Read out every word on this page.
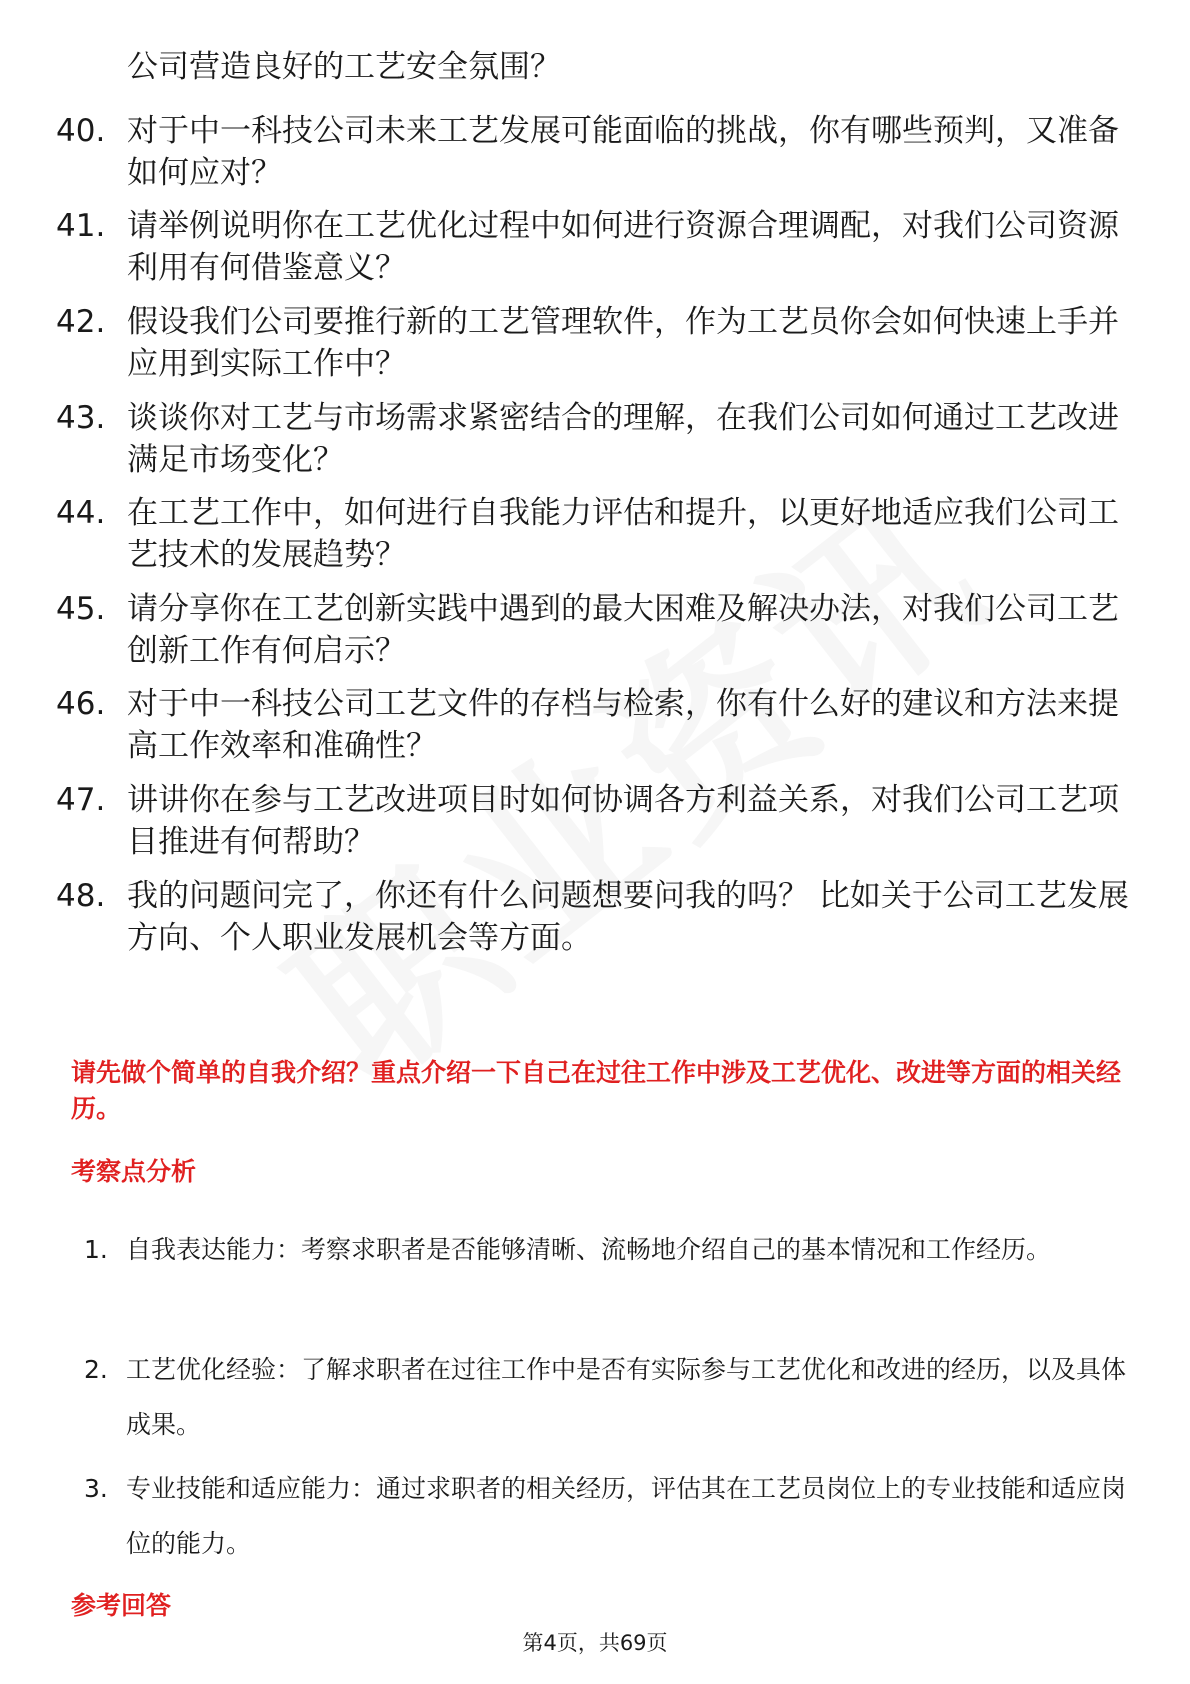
公司营造良好的工艺安全氛围？
40. 对于中一科技公司未来工艺发展可能面临的挑战，你有哪些预判，又准备如何应对？
41. 请举例说明你在工艺优化过程中如何进行资源合理调配，对我们公司资源利用有何借鉴意义？
42. 假设我们公司要推行新的工艺管理软件，作为工艺员你会如何快速上手并应用到实际工作中？
43. 谈谈你对工艺与市场需求紧密结合的理解，在我们公司如何通过工艺改进满足市场变化？
44. 在工艺工作中，如何进行自我能力评估和提升，以更好地适应我们公司工艺技术的发展趋势？
45. 请分享你在工艺创新实践中遇到的最大困难及解决办法，对我们公司工艺创新工作有何启示？
46. 对于中一科技公司工艺文件的存档与检索，你有什么好的建议和方法来提高工作效率和准确性？
47. 讲讲你在参与工艺改进项目时如何协调各方利益关系，对我们公司工艺项目推进有何帮助？
48. 我的问题问完了，你还有什么问题想要问我的吗？ 比如关于公司工艺发展方向、个人职业发展机会等方面。
请先做个简单的自我介绍？重点介绍一下自己在过往工作中涉及工艺优化、改进等方面的相关经历。
考察点分析
1. 自我表达能力：考察求职者是否能够清晰、流畅地介绍自己的基本情况和工作经历。
2. 工艺优化经验：了解求职者在过往工作中是否有实际参与工艺优化和改进的经历，以及具体成果。
3. 专业技能和适应能力：通过求职者的相关经历，评估其在工艺员岗位上的专业技能和适应岗位的能力。
参考回答
第4页，共69页
